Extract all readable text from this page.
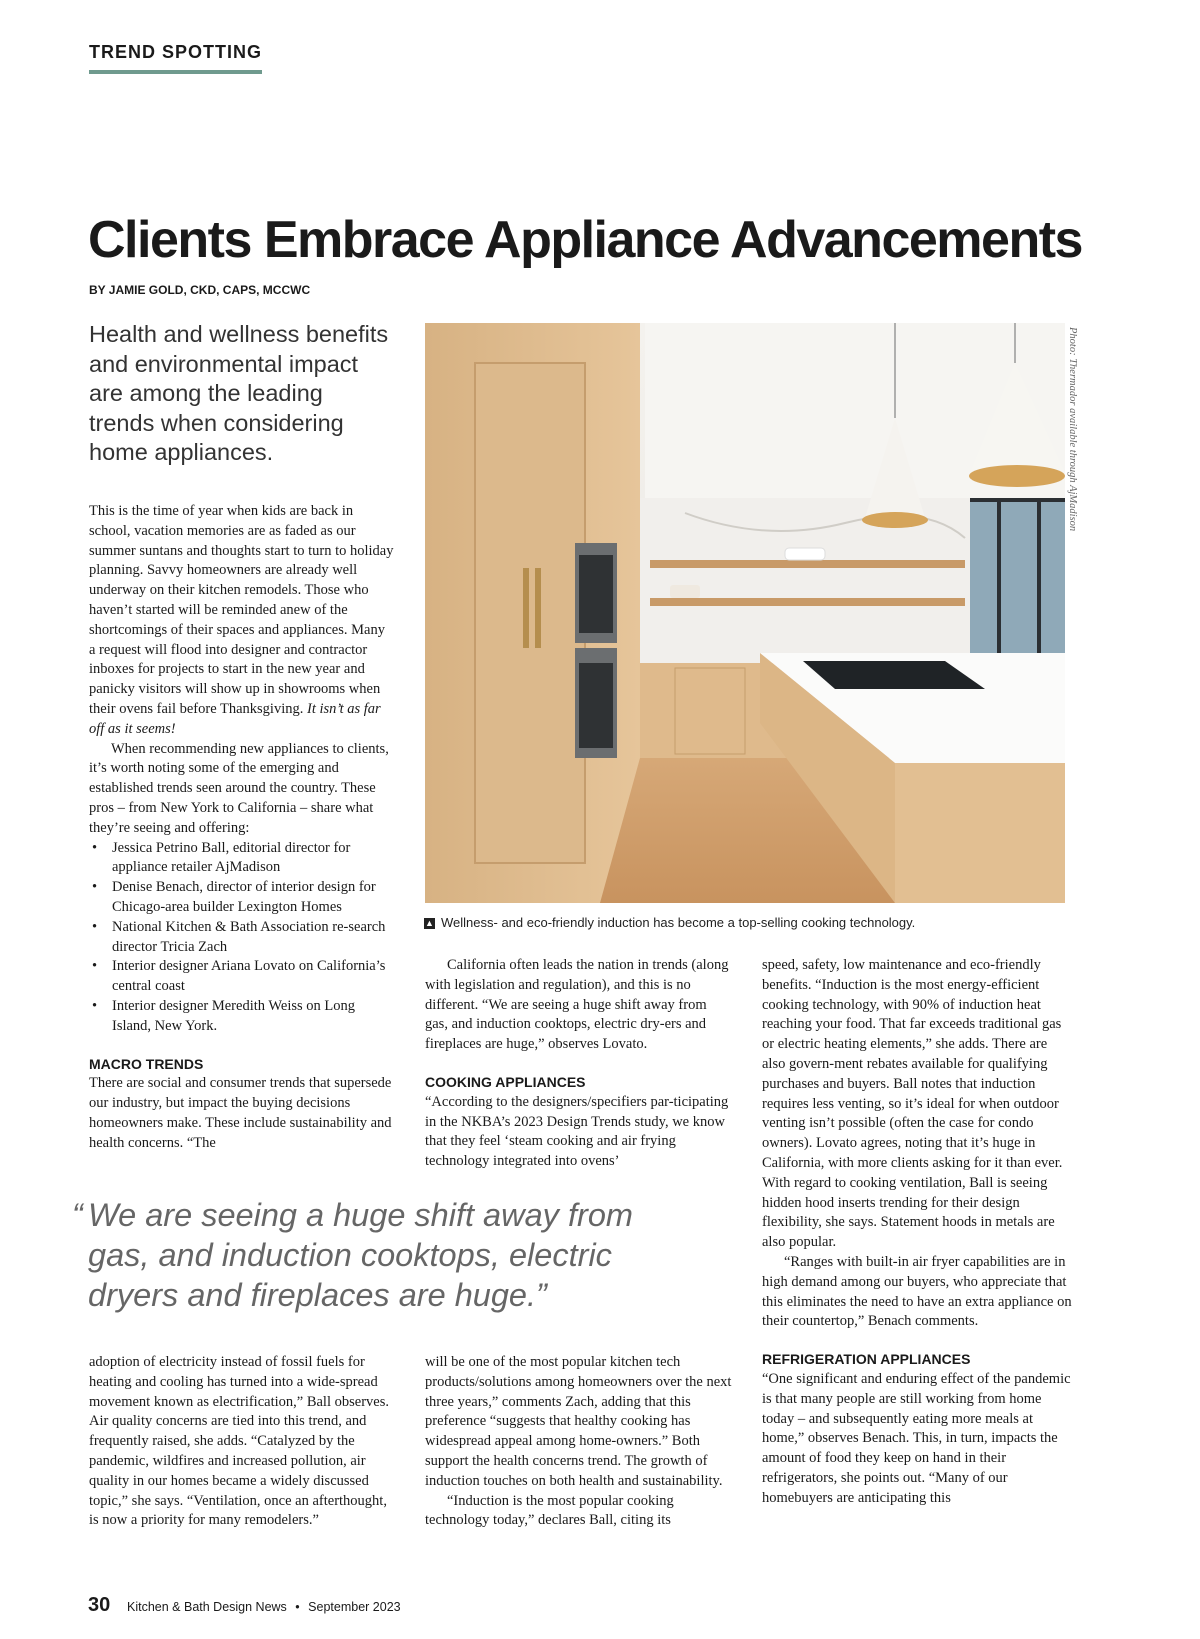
TREND SPOTTING
Clients Embrace Appliance Advancements
BY JAMIE GOLD, CKD, CAPS, MCCWC

Health and wellness benefits and environmental impact are among the leading trends when considering home appliances.

This is the time of year when kids are back in school, vacation memories are as faded as our summer suntans and thoughts start to turn to holiday planning. Savvy homeowners are already well underway on their kitchen remodels. Those who haven’t started will be reminded anew of the shortcomings of their spaces and appliances. Many a request will flood into designer and contractor inboxes for projects to start in the new year and panicky visitors will show up in showrooms when their ovens fail before Thanksgiving. It isn’t as far off as it seems!

When recommending new appliances to clients, it’s worth noting some of the emerging and established trends seen around the country. These pros – from New York to California – share what they’re seeing and offering:

• Jessica Petrino Ball, editorial director for appliance retailer AjMadison
• Denise Benach, director of interior design for Chicago-area builder Lexington Homes
• National Kitchen & Bath Association re-search director Tricia Zach
• Interior designer Ariana Lovato on California’s central coast
• Interior designer Meredith Weiss on Long Island, New York.
MACRO TRENDS

There are social and consumer trends that supersede our industry, but impact the buying decisions homeowners make. These include sustainability and health concerns. “The

Photo: Thermador available through AjMadison
▲ Wellness- and eco-friendly induction has become a top-selling cooking technology.

California often leads the nation in trends (along with legislation and regulation), and this is no different. “We are seeing a huge shift away from gas, and induction cooktops, electric dry-ers and fireplaces are huge,” observes Lovato.

COOKING APPLIANCES

“According to the designers/specifiers par-ticipating in the NKBA’s 2023 Design Trends study, we know that they feel ‘steam cooking and air frying technology integrated into ovens’

speed, safety, low maintenance and eco-friendly benefits. “Induction is the most energy-efficient cooking technology, with 90% of induction heat reaching your food. That far exceeds traditional gas or electric heating elements,” she adds. There are also govern-ment rebates available for qualifying purchases and buyers. Ball notes that induction requires less venting, so it’s ideal for when outdoor venting isn’t possible (often the case for condo owners). Lovato agrees, noting that it’s huge in California, with more clients asking for it than ever. With regard to cooking ventilation, Ball is seeing hidden hood inserts trending for their design flexibility, she says. Statement hoods in metals are also popular.

“Ranges with built-in air fryer capabilities are in high demand among our buyers, who appreciate that this eliminates the need to have an extra appliance on their countertop,” Benach comments.

REFRIGERATION APPLIANCES

“One significant and enduring effect of the pandemic is that many people are still working from home today – and subsequently eating more meals at home,” observes Benach. This, in turn, impacts the amount of food they keep on hand in their refrigerators, she points out. “Many of our homebuyers are anticipating this

“ We are seeing a huge shift away from gas, and induction cooktops, electric dryers and fireplaces are huge.”

adoption of electricity instead of fossil fuels for heating and cooling has turned into a wide-spread movement known as electrification,” Ball observes. Air quality concerns are tied into this trend, and frequently raised, she adds. “Catalyzed by the pandemic, wildfires and increased pollution, air quality in our homes became a widely discussed topic,” she says. “Ventilation, once an afterthought, is now a priority for many remodelers.”

will be one of the most popular kitchen tech products/solutions among homeowners over the next three years,” comments Zach, adding that this preference “suggests that healthy cooking has widespread appeal among home-owners.” Both support the health concerns trend. The growth of induction touches on both health and sustainability.

“Induction is the most popular cooking technology today,” declares Ball, citing its

30 Kitchen & Bath Design News • September 2023
